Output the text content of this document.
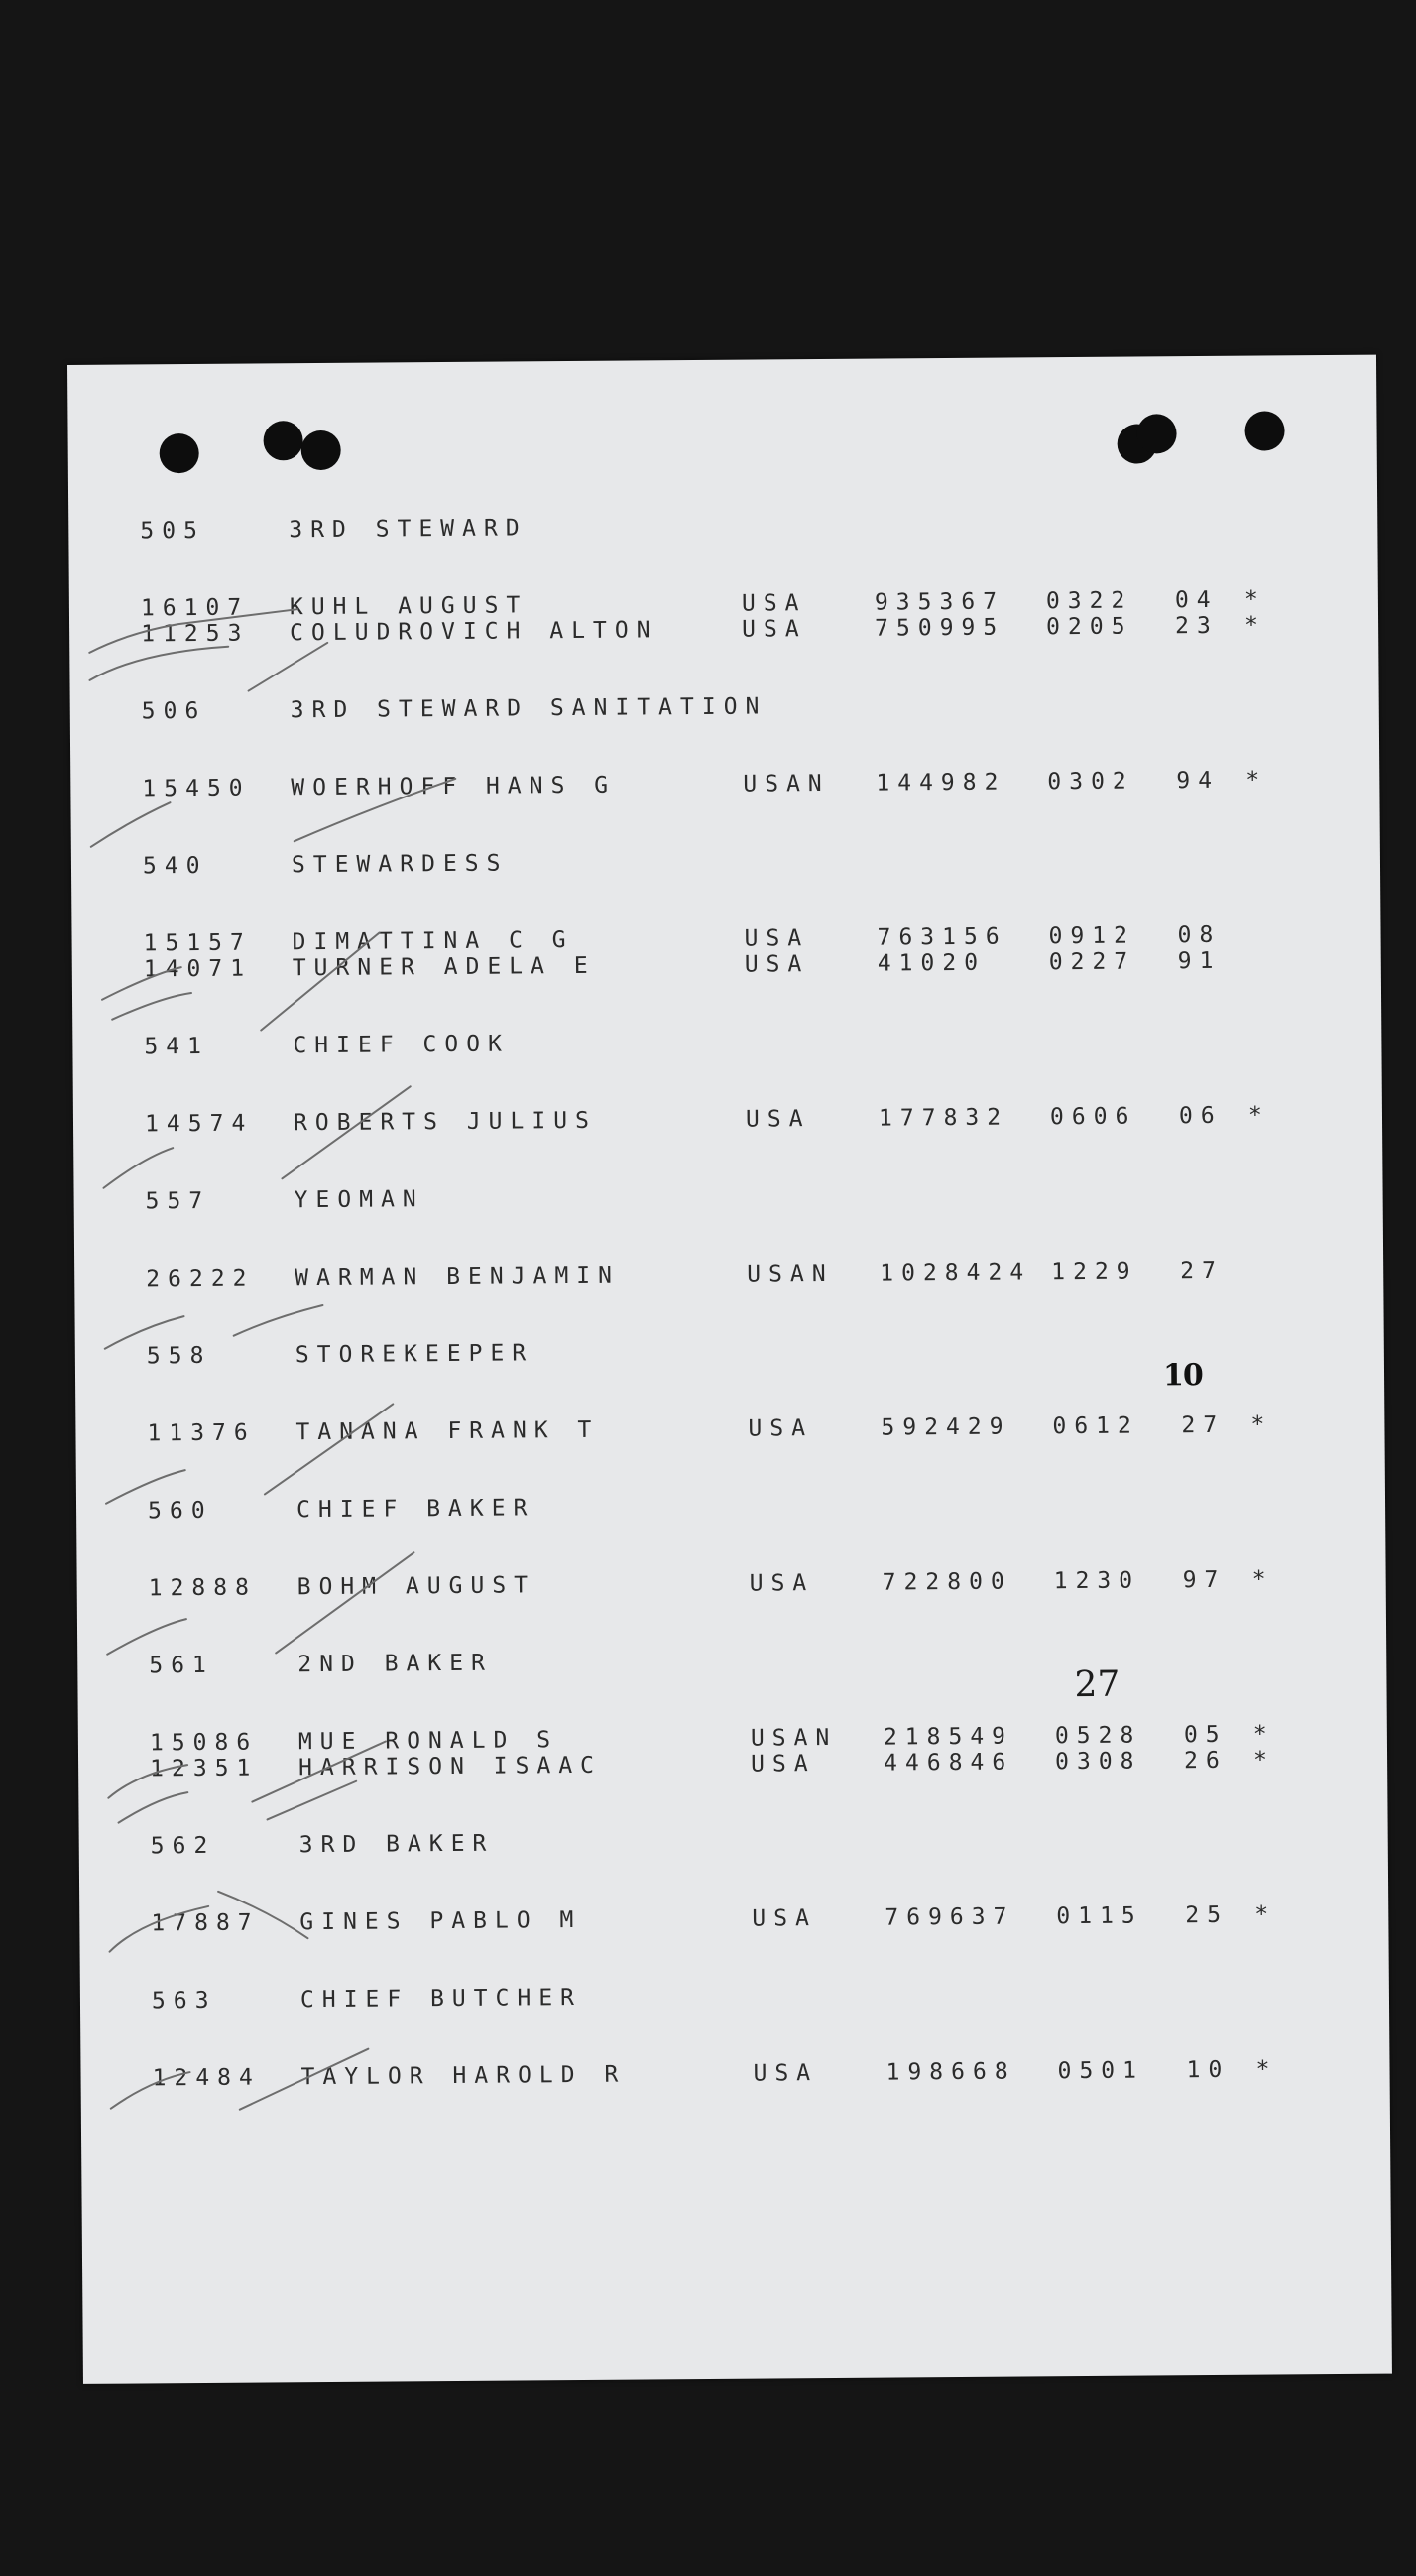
505	3RD STEWARD
16107 KUHL AUGUST	USA	935367 0322 04 *
11253 COLUDROVICH ALTON	USA	750995 0205 23 *
506	3RD STEWARD SANITATION
15450 WOERHOFF HANS G	USAN 144982 0302 94 *
540	STEWARDESS
15157 DIMATTINA C G	USA	763156 0912 08
14071 TURNER ADELA E	USA	41020	0227 91
541	CHIEF COOK
14574 ROBERTS JULIUS	USA	177832 0606 06 *
557	YEOMAN
26222 WARMAN BENJAMIN	USAN 1028424 1229 27
558	STOREKEEPER
11376 TANANA FRANK T	USA	592429 0612 27 *
560	CHIEF BAKER
12888 BOHM AUGUST	USA	722800 1230 97 *
561	2ND BAKER
15086 MUE RONALD S	USAN 218549 0528 05 *
12351 HARRISON ISAAC	USA	446846 0308 26 *
562	3RD BAKER
17887 GINES PABLO M	USA	769637 0115 25 *
563	CHIEF BUTCHER
12484 TAYLOR HAROLD R	USA	198668 0501 10 *
27
10
